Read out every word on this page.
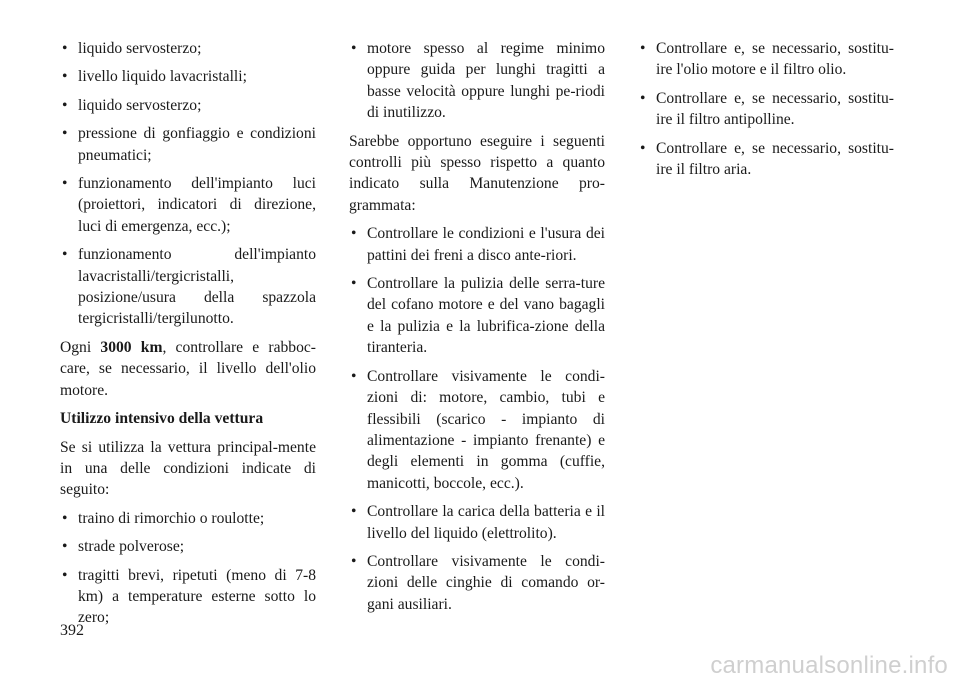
• liquido servosterzo;
• livello liquido lavacristalli;
• liquido servosterzo;
• pressione di gonfiaggio e condizioni pneumatici;
• funzionamento dell'impianto luci (proiettori, indicatori di direzione, luci di emergenza, ecc.);
• funzionamento dell'impianto lavacristalli/tergicristalli, posizione/usura della spazzola tergicristalli/tergilunotto.

Ogni 3000 km, controllare e rabboc-care, se necessario, il livello dell'olio motore.

Utilizzo intensivo della vettura

Se si utilizza la vettura principal-mente in una delle condizioni indicate di seguito:

• traino di rimorchio o roulotte;
• strade polverose;
• tragitti brevi, ripetuti (meno di 7-8 km) a temperature esterne sotto lo zero;
• motore spesso al regime minimo oppure guida per lunghi tragitti a basse velocità oppure lunghi pe-riodi di inutilizzo.

Sarebbe opportuno eseguire i seguenti controlli più spesso rispetto a quanto indicato sulla Manutenzione pro-grammata:

• Controllare le condizioni e l'usura dei pattini dei freni a disco ante-riori.
• Controllare la pulizia delle serra-ture del cofano motore e del vano bagagli e la pulizia e la lubrifica-zione della tiranteria.
• Controllare visivamente le condi-zioni di: motore, cambio, tubi e flessibili (scarico - impianto di alimentazione - impianto frenante) e degli elementi in gomma (cuffie, manicotti, boccole, ecc.).
• Controllare la carica della batteria e il livello del liquido (elettrolito).
• Controllare visivamente le condi-zioni delle cinghie di comando or-gani ausiliari.
• Controllare e, se necessario, sostitu-ire l'olio motore e il filtro olio.
• Controllare e, se necessario, sostitu-ire il filtro antipolline.
• Controllare e, se necessario, sostitu-ire il filtro aria.
392
carmanualsonline.info
